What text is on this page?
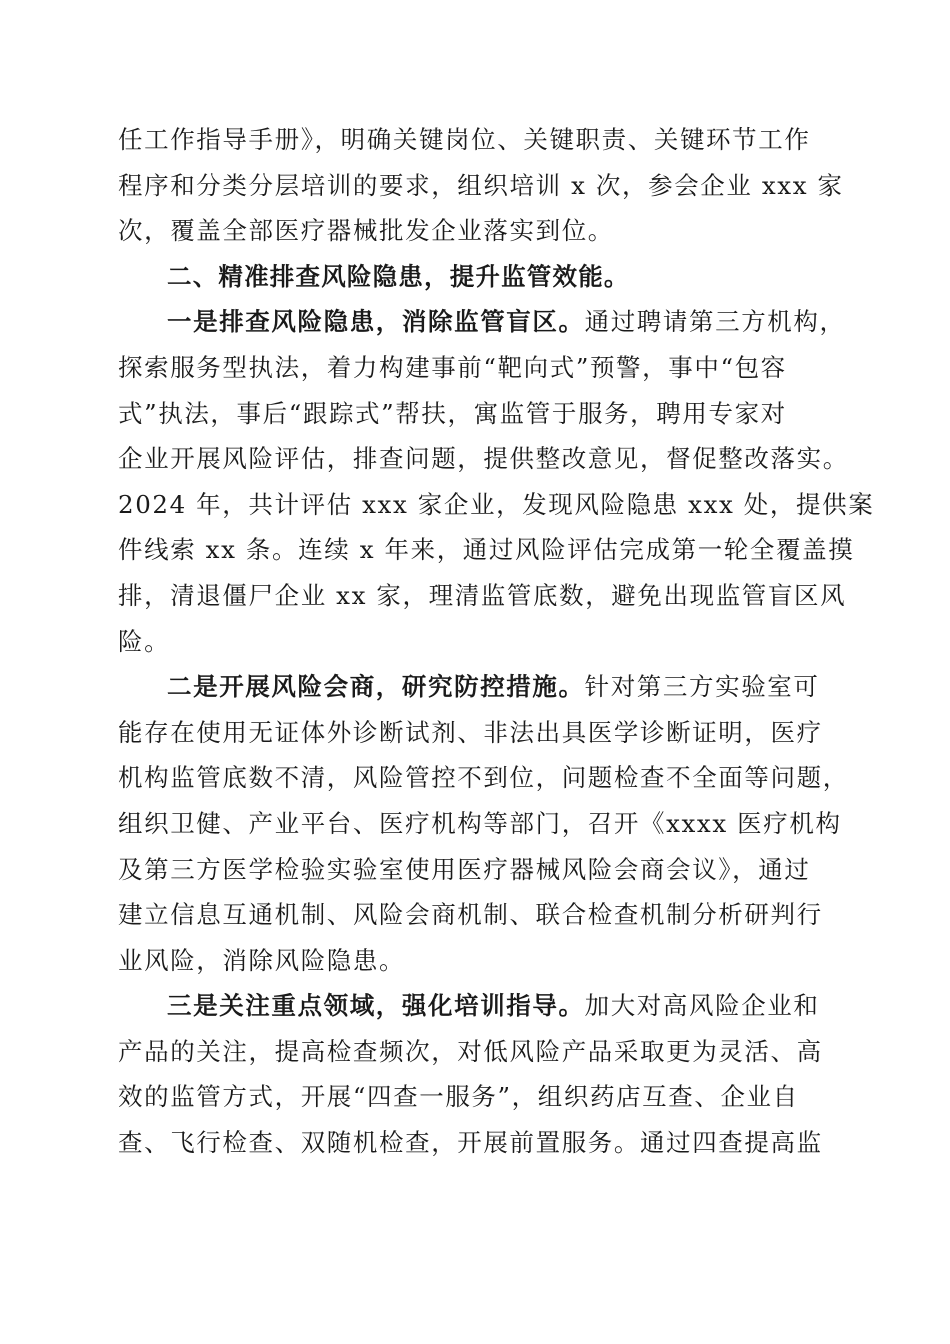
任工作指导手册》，明确关键岗位、关键职责、关键环节工作
程序和分类分层培训的要求，组织培训 x 次，参会企业 xxx 家
次，覆盖全部医疗器械批发企业落实到位。
二、精准排查风险隐患，提升监管效能。
一是排查风险隐患，消除监管盲区。通过聘请第三方机构，
探索服务型执法，着力构建事前“靶向式”预警，事中“包容
式”执法，事后“跟踪式”帮扶，寓监管于服务，聘用专家对
企业开展风险评估，排查问题，提供整改意见，督促整改落实。
2024 年，共计评估 xxx 家企业，发现风险隐患 xxx 处，提供案
件线索 xx 条。连续 x 年来，通过风险评估完成第一轮全覆盖摸
排，清退僵尸企业 xx 家，理清监管底数，避免出现监管盲区风
险。
二是开展风险会商，研究防控措施。针对第三方实验室可
能存在使用无证体外诊断试剂、非法出具医学诊断证明，医疗
机构监管底数不清，风险管控不到位，问题检查不全面等问题，
组织卫健、产业平台、医疗机构等部门，召开《xxxx 医疗机构
及第三方医学检验实验室使用医疗器械风险会商会议》，通过
建立信息互通机制、风险会商机制、联合检查机制分析研判行
业风险，消除风险隐患。
三是关注重点领域，强化培训指导。加大对高风险企业和
产品的关注，提高检查频次，对低风险产品采取更为灵活、高
效的监管方式，开展“四查一服务”，组织药店互查、企业自
查、飞行检查、双随机检查，开展前置服务。通过四查提高监
